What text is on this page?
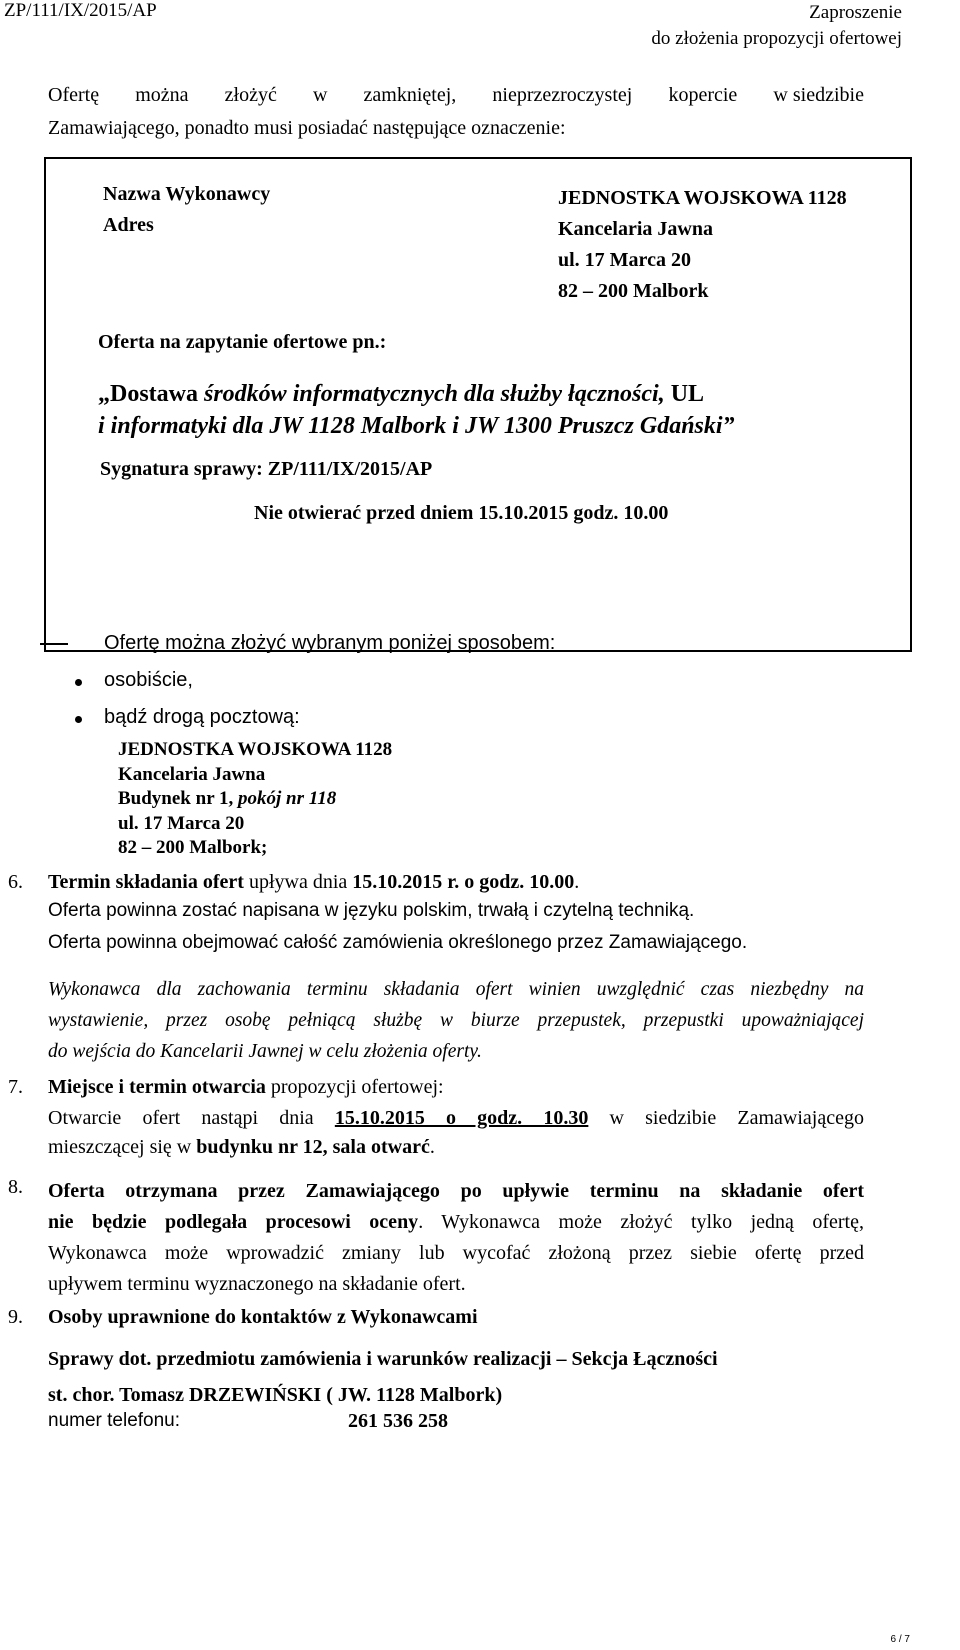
ZP/111/IX/2015/AP	Zaproszenie
do złożenia propozycji ofertowej
Ofertę można złożyć w zamkniętej, nieprzezroczystej kopercie w siedzibie
Zamawiającego, ponadto musi posiadać następujące oznaczenie:
Nazwa Wykonawcy
Adres
JEDNOSTKA WOJSKOWA 1128
Kancelaria Jawna
ul. 17 Marca 20
82 – 200 Malbork
Oferta na zapytanie ofertowe pn.:
„Dostawa środków informatycznych dla służby łączności, UL
i informatyki dla JW 1128 Malbork i JW 1300 Pruszcz Gdański”
Sygnatura sprawy: ZP/111/IX/2015/AP
Nie otwierać przed dniem 15.10.2015 godz. 10.00
Ofertę można złożyć wybranym poniżej sposobem:
osobiście,
bądź drogą pocztową:
JEDNOSTKA WOJSKOWA 1128
Kancelaria Jawna
Budynek nr 1, pokój nr 118
ul. 17 Marca 20
82 – 200 Malbork;
6. Termin składania ofert upływa dnia 15.10.2015 r. o godz. 10.00.
Oferta powinna zostać napisana w języku polskim, trwałą i czytelną techniką.
Oferta powinna obejmować całość zamówienia określonego przez Zamawiającego.
Wykonawca dla zachowania terminu składania ofert winien uwzględnić czas niezbędny na
wystawienie, przez osobę pełniącą służbę w biurze przepustek, przepustki upoważniającej
do wejścia do Kancelarii Jawnej w celu złożenia oferty.
7. Miejsce i termin otwarcia propozycji ofertowej:
Otwarcie ofert nastąpi dnia 15.10.2015 o godz. 10.30 w siedzibie Zamawiającego
mieszczącej się w budynku nr 12, sala otwarć.
8. Oferta otrzymana przez Zamawiającego po upływie terminu na składanie ofert
nie będzie podlegała procesowi oceny. Wykonawca może złożyć tylko jedną ofertę,
Wykonawca może wprowadzić zmiany lub wycofać złożoną przez siebie ofertę przed
upływem terminu wyznaczonego na składanie ofert.
9. Osoby uprawnione do kontaktów z Wykonawcami
Sprawy dot. przedmiotu zamówienia i warunków realizacji – Sekcja Łączności
st. chor. Tomasz DRZEWIŃSKI ( JW. 1128 Malbork)
numer telefonu:	261 536 258
6 / 7
